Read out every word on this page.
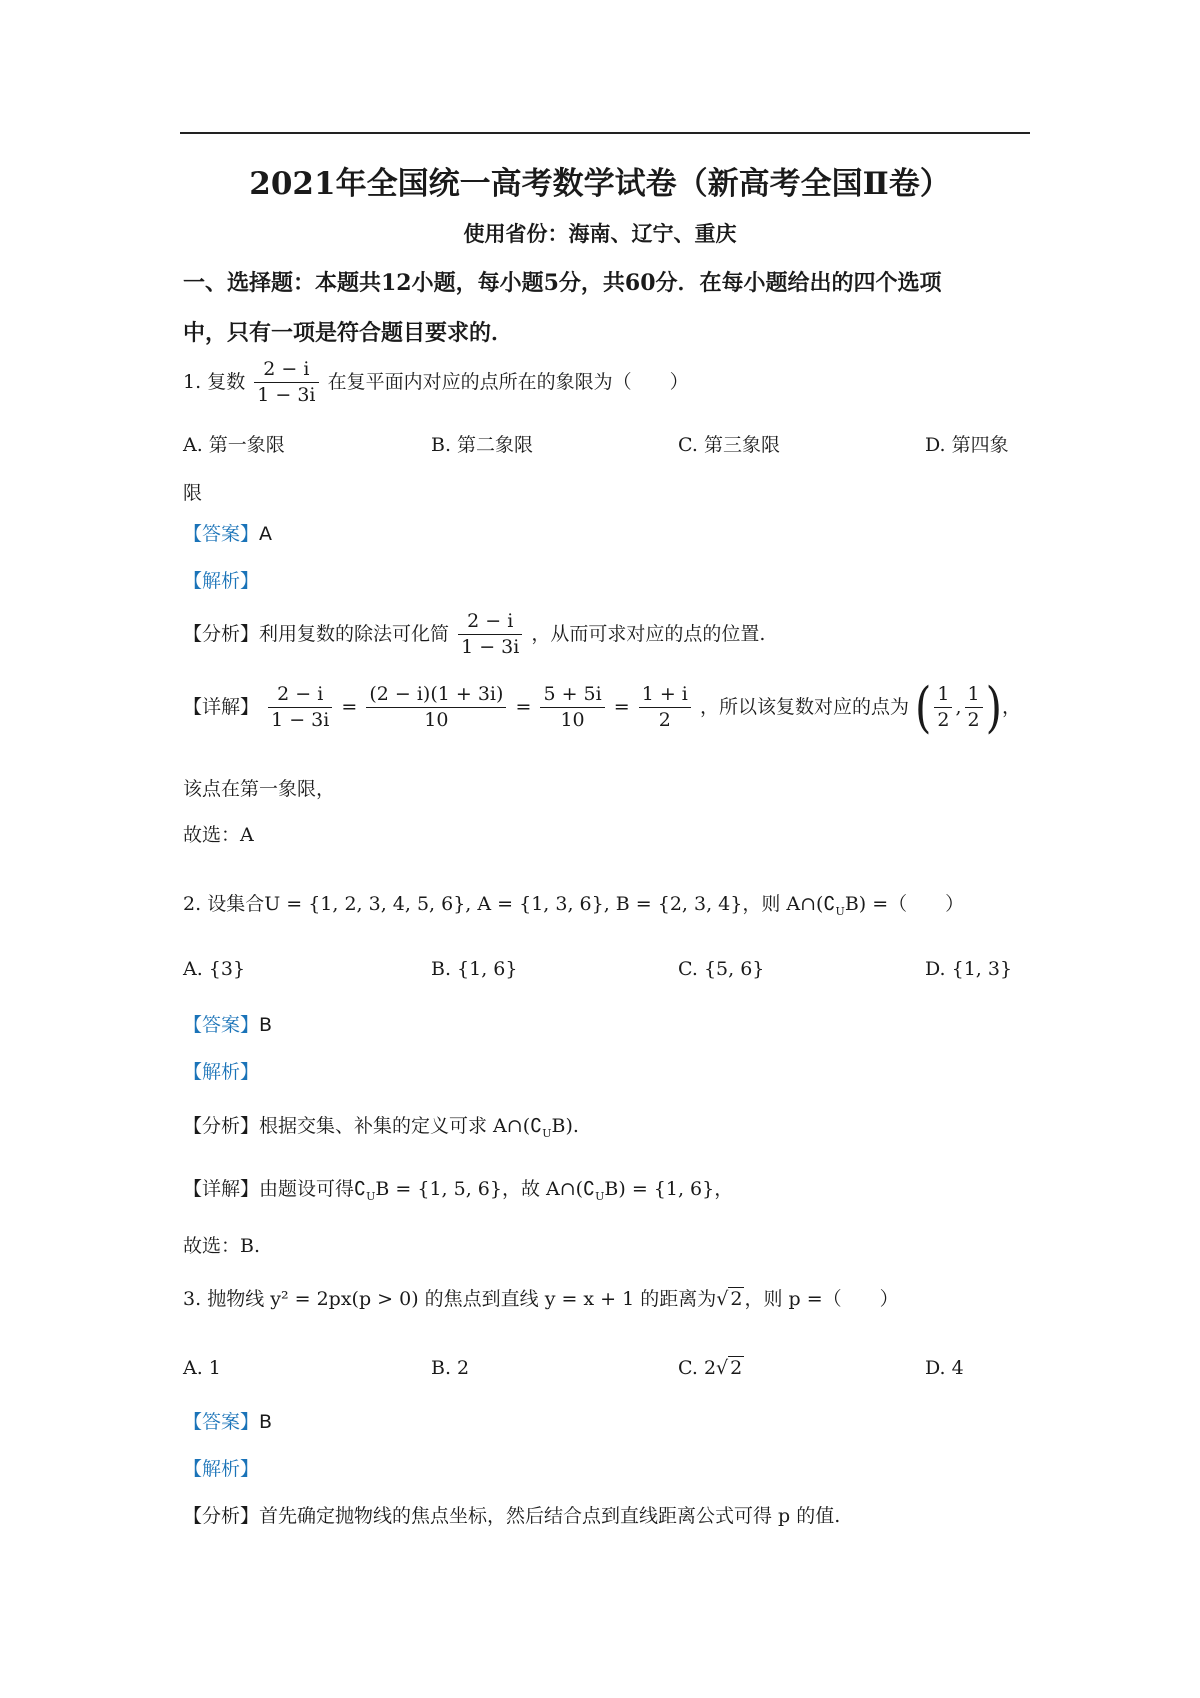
2021年全国统一高考数学试卷（新高考全国Ⅱ卷）
使用省份：海南、辽宁、重庆
一、选择题：本题共12小题，每小题5分，共60分．在每小题给出的四个选项
中，只有一项是符合题目要求的．
1. 复数 $\frac{2 - i}{1 - 3i}$ 在复平面内对应的点所在的象限为（　　）
A. 第一象限	B. 第二象限	C. 第三象限	D. 第四象
限
【答案】A
【解析】
【分析】利用复数的除法可化简 $\frac{2 - i}{1 - 3i}$ ，从而可求对应的点的位置.
【详解】 $\frac{2 - i}{1 - 3i} = \frac{(2 - i)(1 + 3i)}{10} = \frac{5 + 5i}{10} = \frac{1 + i}{2}$ ，所以该复数对应的点为 ( $\frac{1}{2}$ , $\frac{1}{2}$ )，
该点在第一象限，
故选：A
2. 设集合U = {1, 2, 3, 4, 5, 6}, A = {1, 3, 6}, B = {2, 3, 4}，则 $A\cap(∁_UB)$ =（　　）
A. {3}	B. {1, 6}	C. {5, 6}	D. {1, 3}
【答案】B
【解析】
【分析】根据交集、补集的定义可求 $A\cap(∁_UB)$.
【详解】由题设可得$∁_UB = \{1$, 5, 6}，故 $A\cap(∁_UB) = \{1$, 6}，
故选：B.
3. 抛物线 y² = 2px(p > 0) 的焦点到直线 y = x + 1 的距离为√ 2 ，则 p =（　　）
A. 1	B. 2	C. 2√ 2	D. 4
【答案】B
【解析】
【分析】首先确定抛物线的焦点坐标，然后结合点到直线距离公式可得 p 的值.
